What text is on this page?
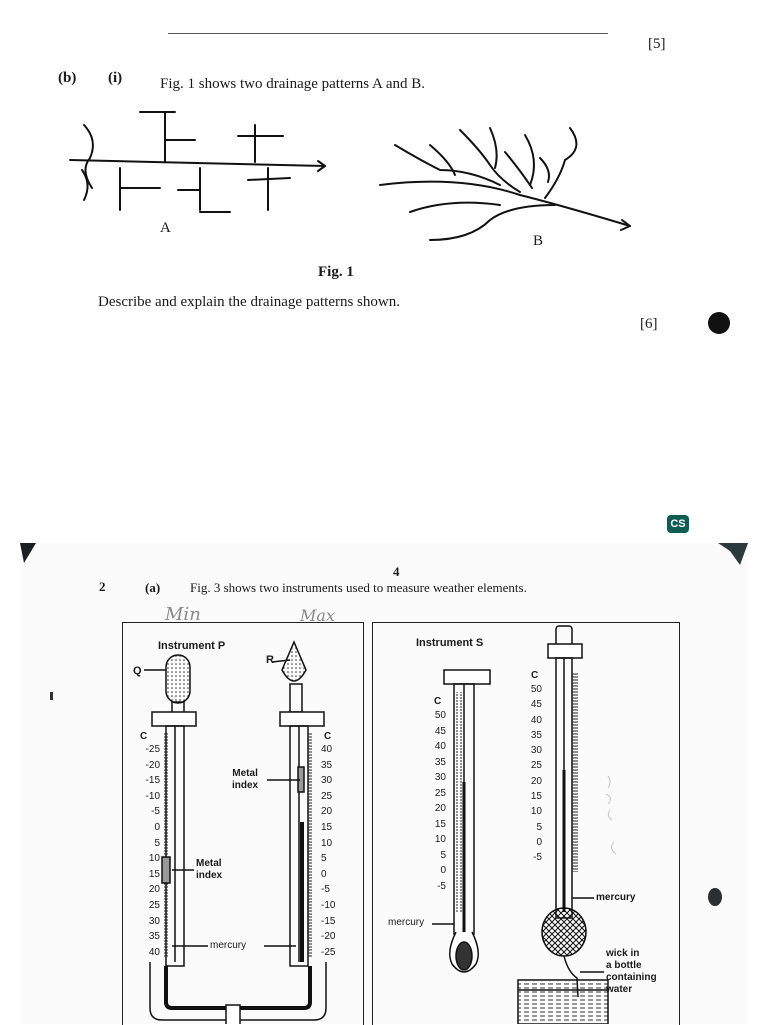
[5]
(b) (i)	Fig. 1 shows two drainage patterns A and B.
A
B
Fig. 1
Describe and explain the drainage patterns shown.
[6]
CS
4
2	(a) Fig. 3 shows two instruments used to measure weather elements.
Min	Max
Instrument P
Q
R
C	C
-25
-20
-15
-10
-5
0
5
10
15
20
25
30
35
40
40
35
30
25
20
15
10
5
0
-5
-10
-15
-20
-25
Metal
index
Metal
index
mercury
Instrument S
C
C
50
45
40
35
30
25
20
15
10
5
0
-5
50
45
40
35
30
25
20
15
10
5
0
-5
mercury
mercury
wick in
a bottle
containing
water
